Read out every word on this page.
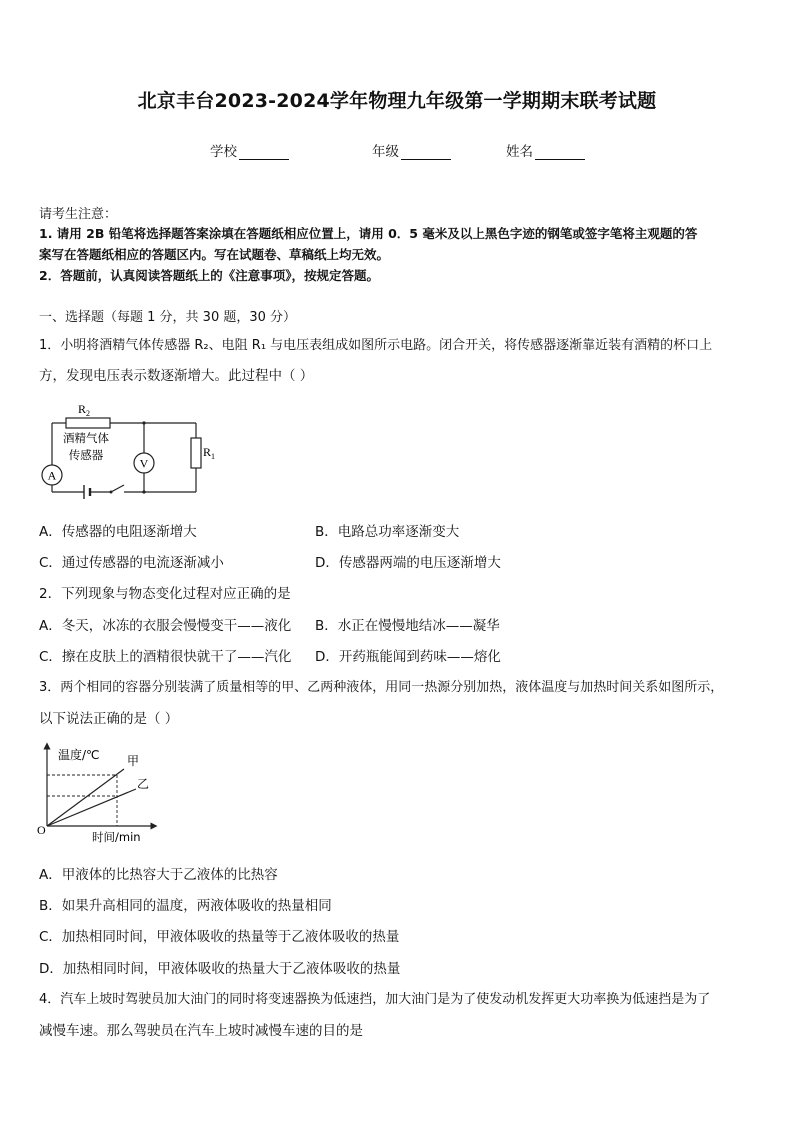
北京丰台2023-2024学年物理九年级第一学期期末联考试题
学校	年级	姓名
请考生注意：
1. 请用 2B 铅笔将选择题答案涂填在答题纸相应位置上，请用 0．5 毫米及以上黑色字迹的钢笔或签字笔将主观题的答
案写在答题纸相应的答题区内。写在试题卷、草稿纸上均无效。
2．答题前，认真阅读答题纸上的《注意事项》，按规定答题。
一、选择题（每题 1 分，共 30 题，30 分）
1．小明将酒精气体传感器 R₂、电阻 R₁ 与电压表组成如图所示电路。闭合开关，将传感器逐渐靠近装有酒精的杯口上
方，发现电压表示数逐渐增大。此过程中（ ）
$R_2$
A
酒精气体
传感器
V
$R_1$
A．传感器的电阻逐渐增大	B．电路总功率逐渐变大
C．通过传感器的电流逐渐减小	D．传感器两端的电压逐渐增大
2．下列现象与物态变化过程对应正确的是
A．冬天，冰冻的衣服会慢慢变干——液化 B．水正在慢慢地结冰——凝华
C．擦在皮肤上的酒精很快就干了——汽化 D．开药瓶能闻到药味——熔化
3．两个相同的容器分别装满了质量相等的甲、乙两种液体，用同一热源分别加热，液体温度与加热时间关系如图所示，
以下说法正确的是（ ）
温度/℃ 甲
乙
O	时间/min
A．甲液体的比热容大于乙液体的比热容
B．如果升高相同的温度，两液体吸收的热量相同
C．加热相同时间，甲液体吸收的热量等于乙液体吸收的热量
D．加热相同时间，甲液体吸收的热量大于乙液体吸收的热量
4．汽车上坡时驾驶员加大油门的同时将变速器换为低速挡，加大油门是为了使发动机发挥更大功率换为低速挡是为了
减慢车速。那么驾驶员在汽车上坡时减慢车速的目的是
